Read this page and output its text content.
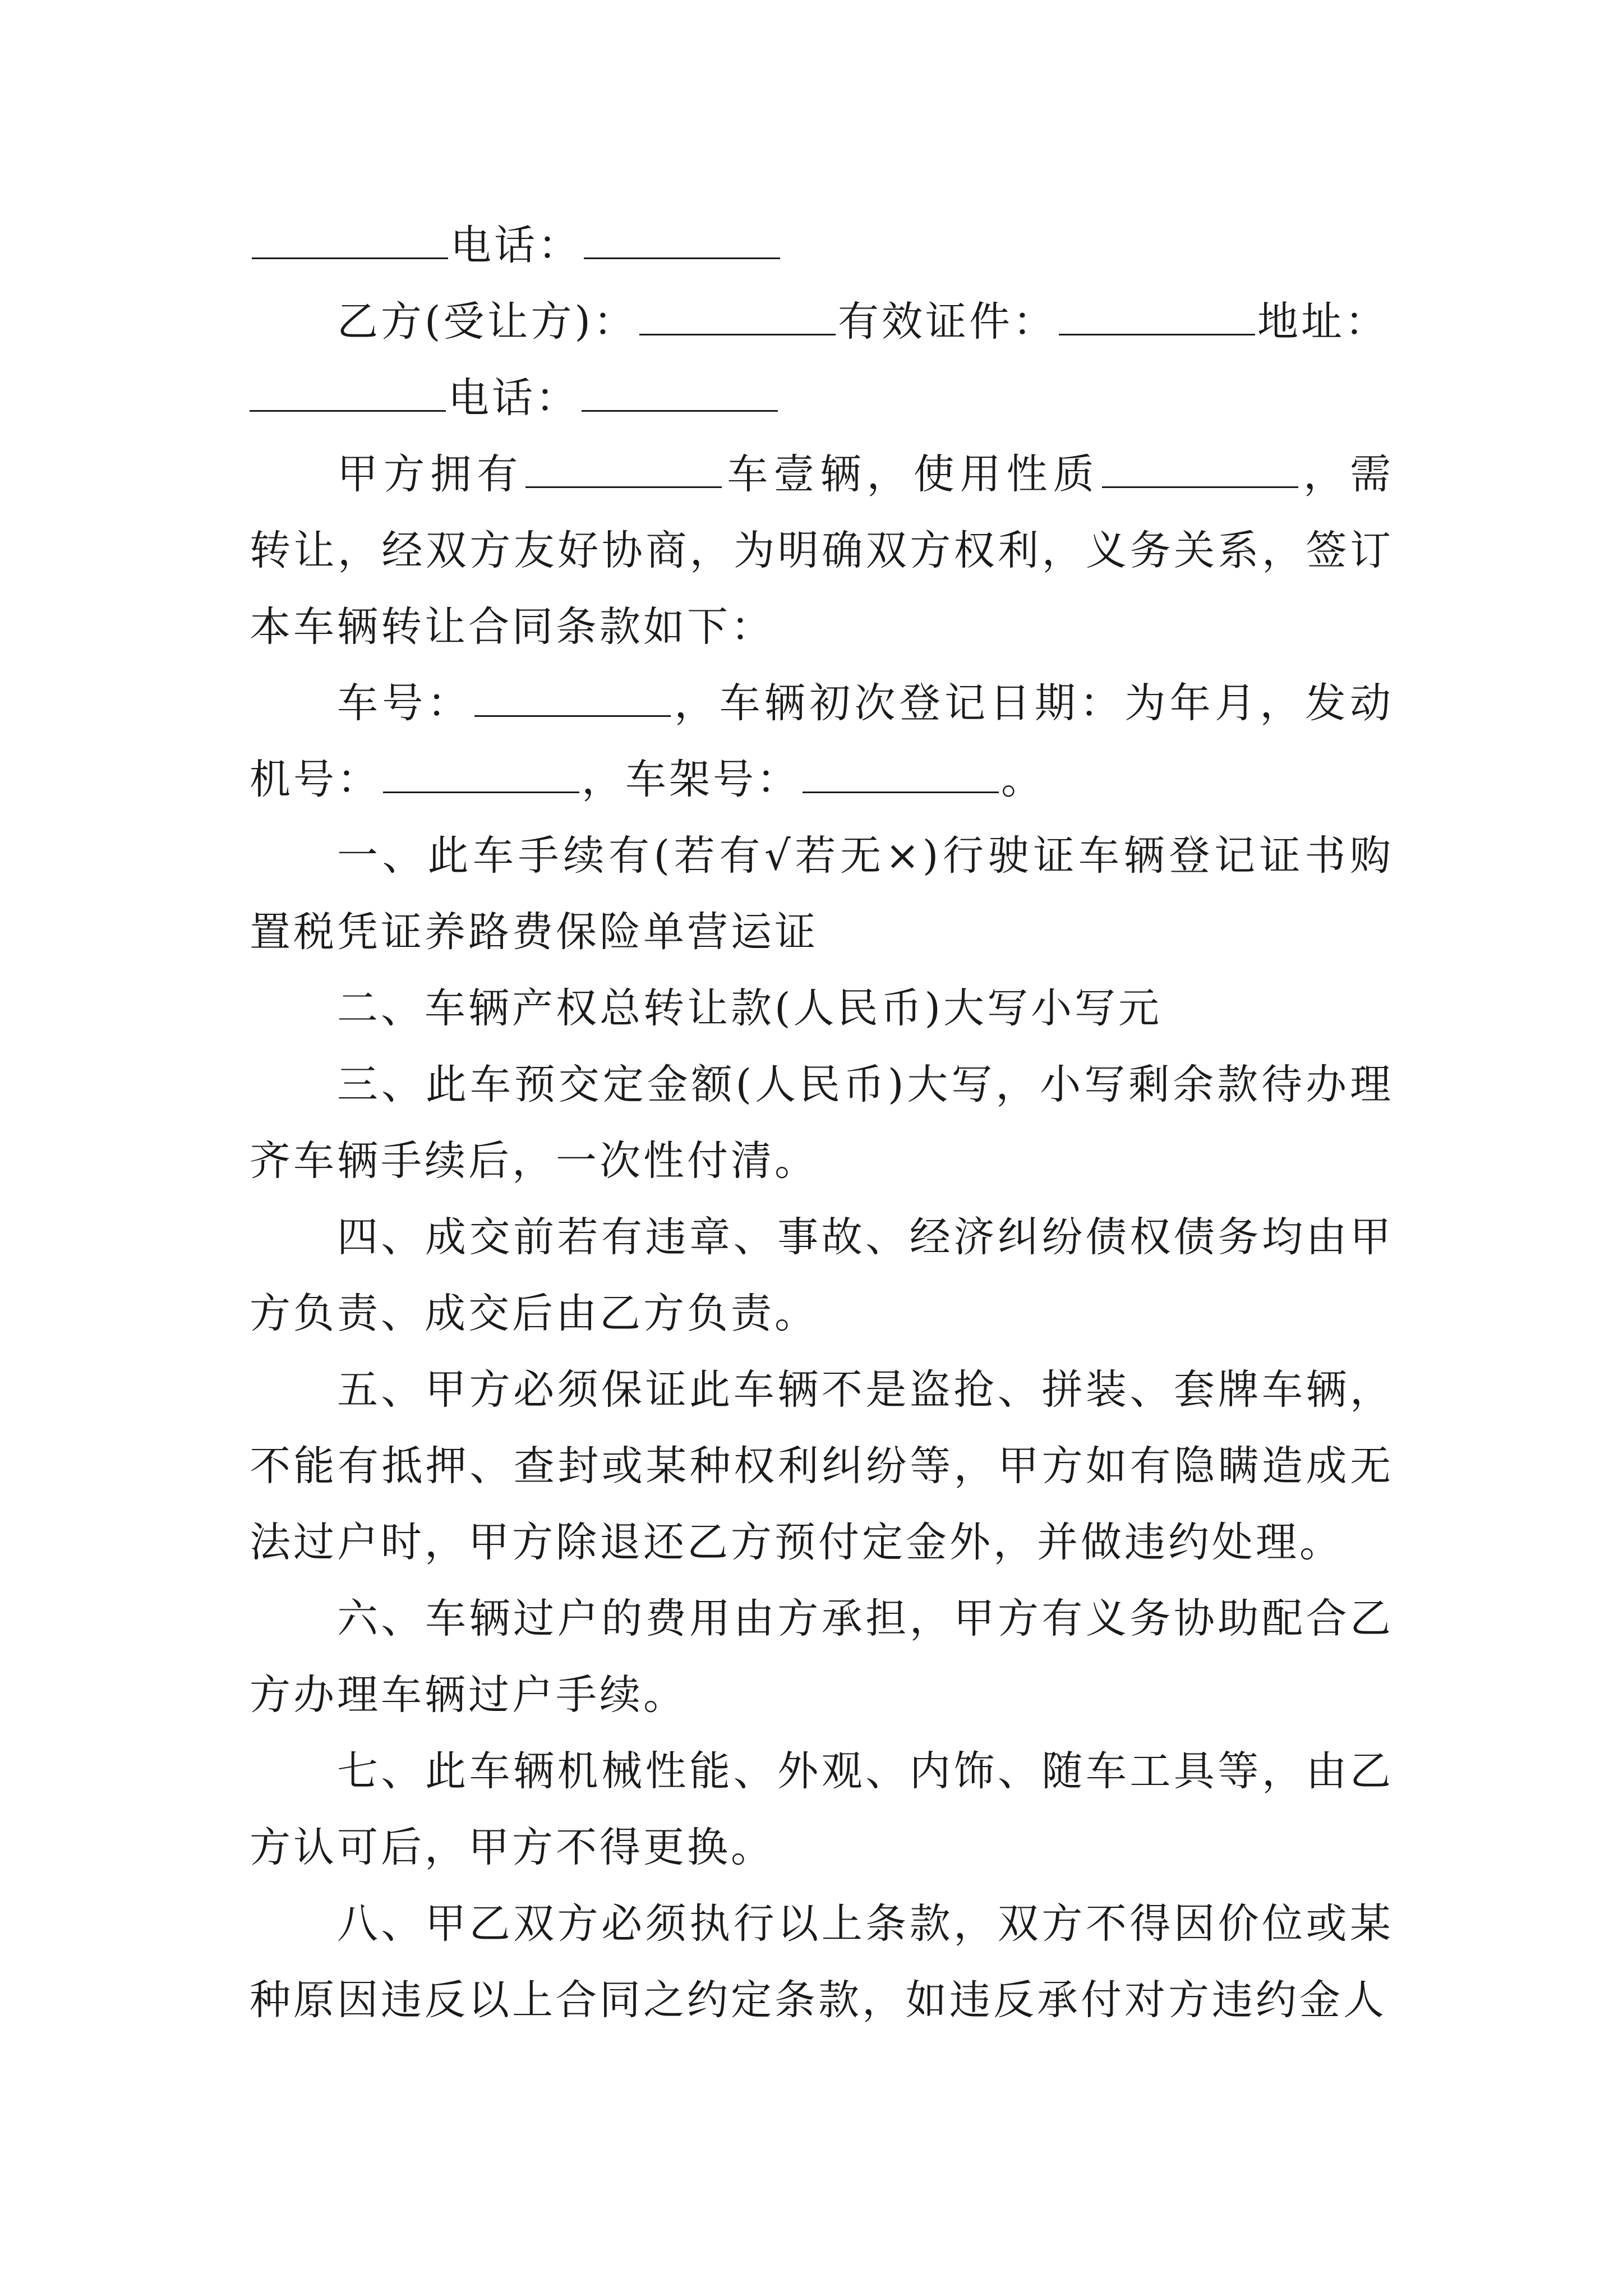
电话：

乙方(受让方)：	有效证件：	地址：
电话：

甲方拥有	车壹辆，使用性质	，需转让，经双方友好协商，为明确双方权利，义务关系，签订本车辆转让合同条款如下：

车号：	，车辆初次登记日期：为年月，发动机号：	，车架号：	。

一、此车手续有(若有√若无×)行驶证车辆登记证书购置税凭证养路费保险单营运证

二、车辆产权总转让款(人民币)大写小写元

三、此车预交定金额(人民币)大写，小写剩余款待办理齐车辆手续后，一次性付清。

四、成交前若有违章、事故、经济纠纷债权债务均由甲方负责、成交后由乙方负责。

五、甲方必须保证此车辆不是盗抢、拼装、套牌车辆，不能有抵押、查封或某种权利纠纷等，甲方如有隐瞒造成无法过户时，甲方除退还乙方预付定金外，并做违约处理。

六、车辆过户的费用由方承担，甲方有义务协助配合乙方办理车辆过户手续。

七、此车辆机械性能、外观、内饰、随车工具等，由乙方认可后，甲方不得更换。

八、甲乙双方必须执行以上条款，双方不得因价位或某种原因违反以上合同之约定条款，如违反承付对方违约金人
